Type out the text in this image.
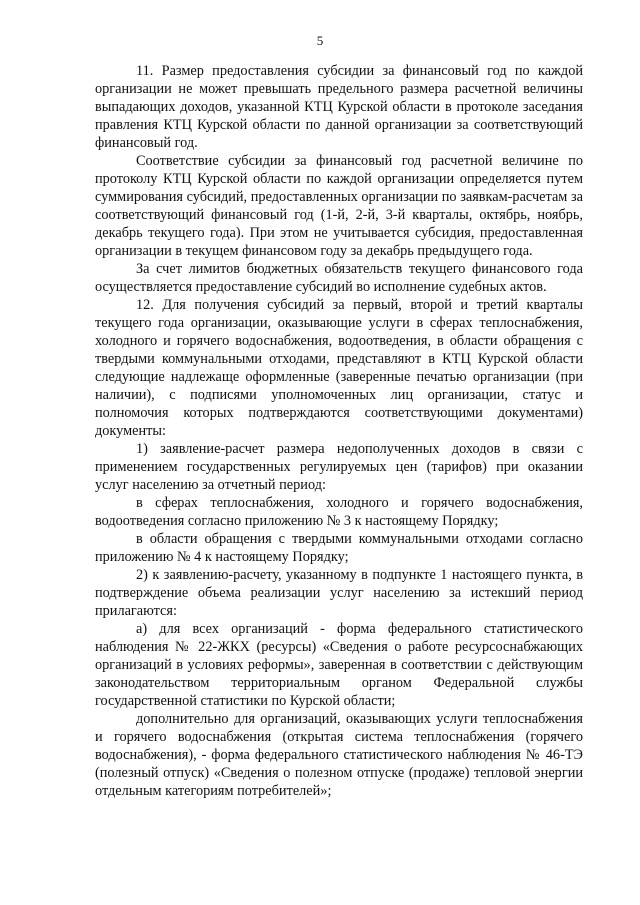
5

11. Размер предоставления субсидии за финансовый год по каждой организации не может превышать предельного размера расчетной величины выпадающих доходов, указанной КТЦ Курской области в протоколе заседания правления КТЦ Курской области по данной организации за соответствующий финансовый год.

Соответствие субсидии за финансовый год расчетной величине по протоколу КТЦ Курской области по каждой организации определяется путем суммирования субсидий, предоставленных организации по заявкам-расчетам за соответствующий финансовый год (1-й, 2-й, 3-й кварталы, октябрь, ноябрь, декабрь текущего года). При этом не учитывается субсидия, предоставленная организации в текущем финансовом году за декабрь предыдущего года.

За счет лимитов бюджетных обязательств текущего финансового года осуществляется предоставление субсидий во исполнение судебных актов.

12. Для получения субсидий за первый, второй и третий кварталы текущего года организации, оказывающие услуги в сферах теплоснабжения, холодного и горячего водоснабжения, водоотведения, в области обращения с твердыми коммунальными отходами, представляют в КТЦ Курской области следующие надлежаще оформленные (заверенные печатью организации (при наличии), с подписями уполномоченных лиц организации, статус и полномочия которых подтверждаются соответствующими документами) документы:

1) заявление-расчет размера недополученных доходов в связи с применением государственных регулируемых цен (тарифов) при оказании услуг населению за отчетный период:

в сферах теплоснабжения, холодного и горячего водоснабжения, водоотведения согласно приложению № 3 к настоящему Порядку;

в области обращения с твердыми коммунальными отходами согласно приложению № 4 к настоящему Порядку;

2) к заявлению-расчету, указанному в подпункте 1 настоящего пункта, в подтверждение объема реализации услуг населению за истекший период прилагаются:

а) для всех организаций - форма федерального статистического наблюдения № 22-ЖКХ (ресурсы) «Сведения о работе ресурсоснабжающих организаций в условиях реформы», заверенная в соответствии с действующим законодательством территориальным органом Федеральной службы государственной статистики по Курской области;

дополнительно для организаций, оказывающих услуги теплоснабжения и горячего водоснабжения (открытая система теплоснабжения (горячего водоснабжения), - форма федерального статистического наблюдения № 46-ТЭ (полезный отпуск) «Сведения о полезном отпуске (продаже) тепловой энергии отдельным категориям потребителей»;
